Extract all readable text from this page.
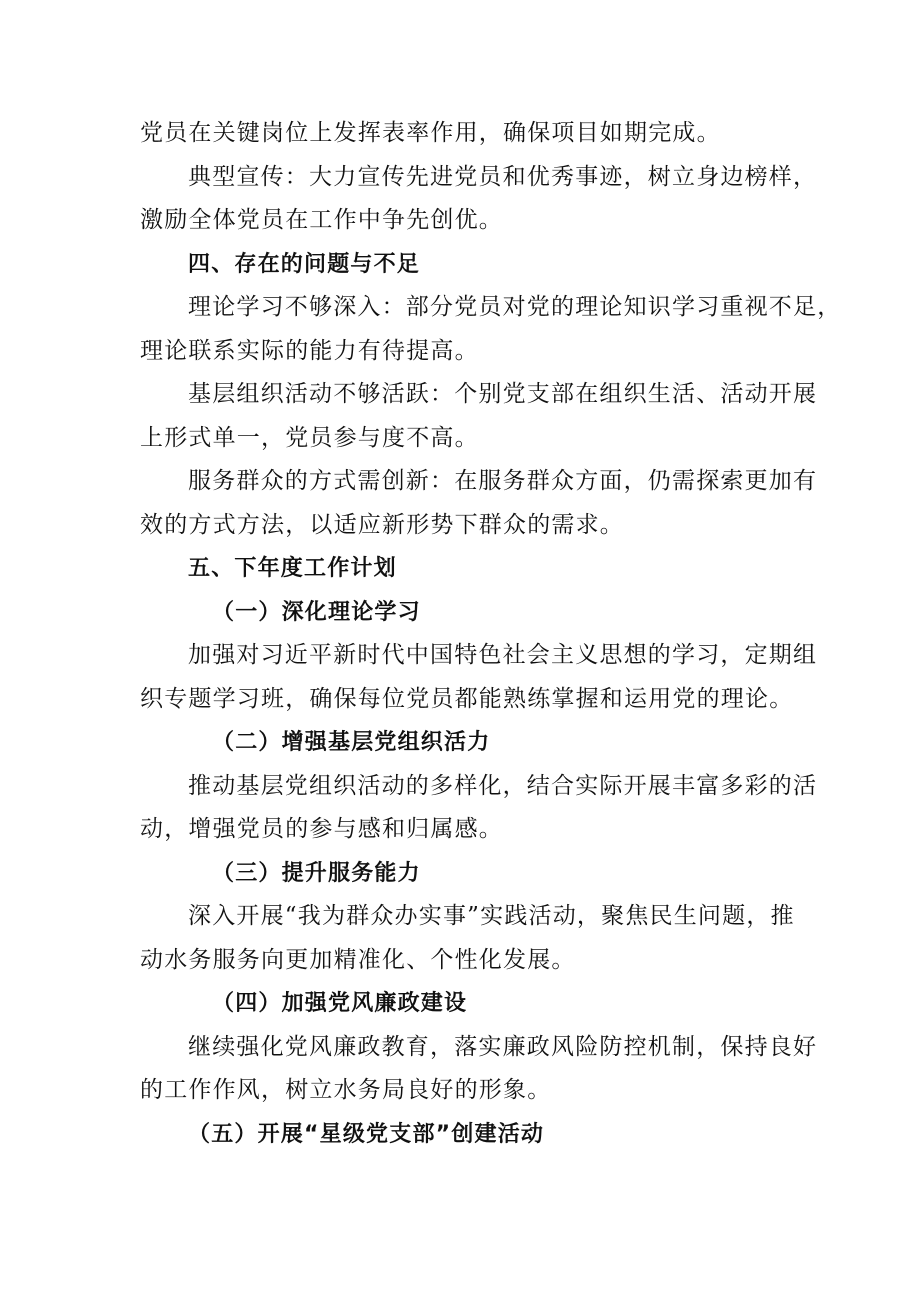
党员在关键岗位上发挥表率作用，确保项目如期完成。
典型宣传：大力宣传先进党员和优秀事迹，树立身边榜样，
激励全体党员在工作中争先创优。
四、存在的问题与不足
理论学习不够深入：部分党员对党的理论知识学习重视不足，
理论联系实际的能力有待提高。
基层组织活动不够活跃：个别党支部在组织生活、活动开展
上形式单一，党员参与度不高。
服务群众的方式需创新：在服务群众方面，仍需探索更加有
效的方式方法，以适应新形势下群众的需求。
五、下年度工作计划
（一）深化理论学习
加强对习近平新时代中国特色社会主义思想的学习，定期组
织专题学习班，确保每位党员都能熟练掌握和运用党的理论。
（二）增强基层党组织活力
推动基层党组织活动的多样化，结合实际开展丰富多彩的活
动，增强党员的参与感和归属感。
（三）提升服务能力
深入开展“我为群众办实事”实践活动，聚焦民生问题，推
动水务服务向更加精准化、个性化发展。
（四）加强党风廉政建设
继续强化党风廉政教育，落实廉政风险防控机制，保持良好
的工作作风，树立水务局良好的形象。
（五）开展“星级党支部”创建活动
